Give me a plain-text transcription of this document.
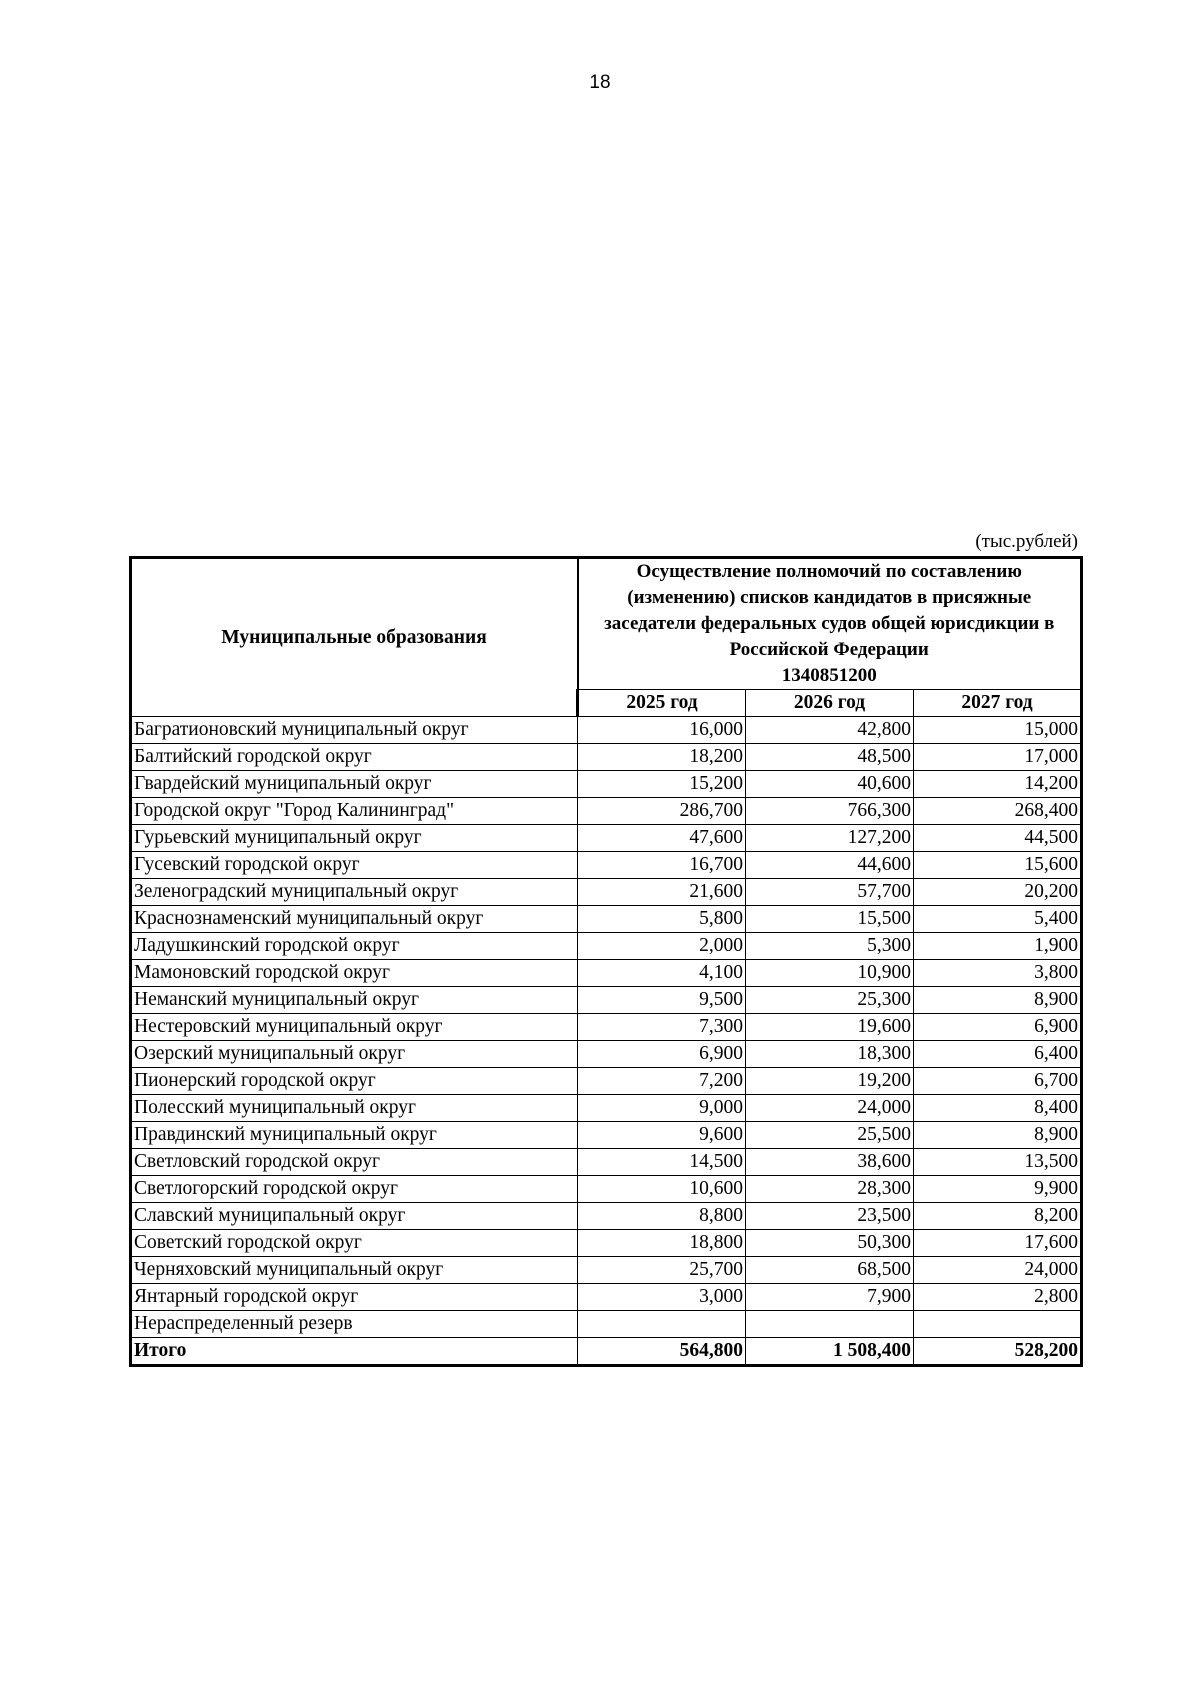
18
(тыс.рублей)
Муниципальные образования	Осуществление полномочий по составлению
(изменению) списков кандидатов в присяжные
заседатели федеральных судов общей юрисдикции в
Российской Федерации
1340851200		

	2025 год	2026 год	2027 год
Багратионовский муниципальный округ	16,000	42,800	15,000
Балтийский городской округ	18,200	48,500	17,000
Гвардейский муниципальный округ	15,200	40,600	14,200
Городской округ "Город Калининград"	286,700	766,300	268,400
Гурьевский муниципальный округ	47,600	127,200	44,500
Гусевский городской округ	16,700	44,600	15,600
Зеленоградский муниципальный округ	21,600	57,700	20,200
Краснознаменский муниципальный округ	5,800	15,500	5,400
Ладушкинский городской округ	2,000	5,300	1,900
Мамоновский городской округ	4,100	10,900	3,800
Неманский муниципальный округ	9,500	25,300	8,900
Нестеровский муниципальный округ	7,300	19,600	6,900
Озерский муниципальный округ	6,900	18,300	6,400
Пионерский городской округ	7,200	19,200	6,700
Полесский муниципальный округ	9,000	24,000	8,400
Правдинский муниципальный округ	9,600	25,500	8,900
Светловский городской округ	14,500	38,600	13,500
Светлогорский городской округ	10,600	28,300	9,900
Славский муниципальный округ	8,800	23,500	8,200
Советский городской округ	18,800	50,300	17,600
Черняховский муниципальный округ	25,700	68,500	24,000
Янтарный городской округ	3,000	7,900	2,800
Нераспределенный резерв			
Итого	564,800	1 508,400	528,200
